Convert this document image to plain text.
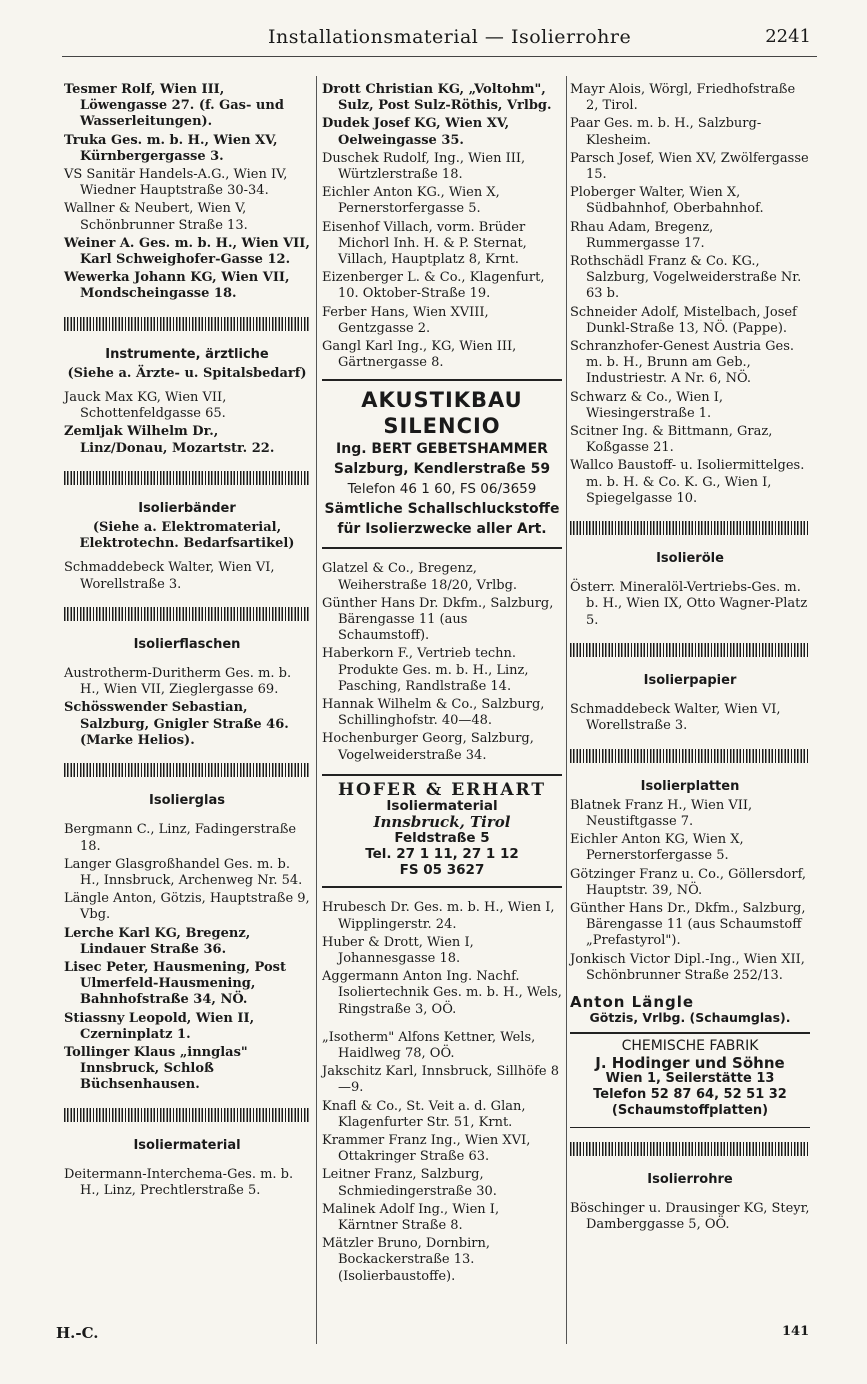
Installationsmaterial — Isolierrohre	2241

Tesmer Rolf, Wien III, Löwengasse 27. (f. Gas- und Wasserleitungen).

Truka Ges. m. b. H., Wien XV, Kürnbergergasse 3.

VS Sanitär Handels-A.G., Wien IV, Wiedner Hauptstraße 30-34.

Wallner & Neubert, Wien V, Schönbrunner Straße 13.

Weiner A. Ges. m. b. H., Wien VII, Karl Schweighofer-Gasse 12.

Wewerka Johann KG, Wien VII, Mondscheingasse 18.

Instrumente, ärztliche

(Siehe a. Ärzte- u. Spitalsbedarf)

Jauck Max KG, Wien VII, Schottenfeldgasse 65.

Zemljak Wilhelm Dr., Linz/Donau, Mozartstr. 22.

Isolierbänder

(Siehe a. Elektromaterial, Elektrotechn. Bedarfsartikel)

Schmaddebeck Walter, Wien VI, Worellstraße 3.

Isolierflaschen

Austrotherm-Duritherm Ges. m. b. H., Wien VII, Zieglergasse 69.

Schösswender Sebastian, Salzburg, Gnigler Straße 46. (Marke Helios).

Isolierglas

Bergmann C., Linz, Fadingerstraße 18.

Langer Glasgroßhandel Ges. m. b. H., Innsbruck, Archenweg Nr. 54.

Längle Anton, Götzis, Hauptstraße 9, Vbg.

Lerche Karl KG, Bregenz, Lindauer Straße 36.

Lisec Peter, Hausmening, Post Ulmerfeld-Hausmening, Bahnhofstraße 34, NÖ.

Stiassny Leopold, Wien II, Czerninplatz 1.

Tollinger Klaus „innglas" Innsbruck, Schloß Büchsenhausen.

Isoliermaterial

Deitermann-Interchema-Ges. m. b. H., Linz, Prechtlerstraße 5.

Drott Christian KG, „Voltohm", Sulz, Post Sulz-Röthis, Vrlbg.

Dudek Josef KG, Wien XV, Oelweingasse 35.

Duschek Rudolf, Ing., Wien III, Würtzlerstraße 18.

Eichler Anton KG., Wien X, Pernerstorfergasse 5.

Eisenhof Villach, vorm. Brüder Michorl Inh. H. & P. Sternat, Villach, Hauptplatz 8, Krnt.

Eizenberger L. & Co., Klagenfurt, 10. Oktober-Straße 19.

Ferber Hans, Wien XVIII, Gentzgasse 2.

Gangl Karl Ing., KG, Wien III, Gärtnergasse 8.

AKUSTIKBAU SILENCIO
Ing. BERT GEBETSHAMMER
Salzburg, Kendlerstraße 59
Telefon 46 1 60, FS 06/3659
Sämtliche Schallschluckstoffe
für Isolierzwecke aller Art.

Glatzel & Co., Bregenz, Weiherstraße 18/20, Vrlbg.

Günther Hans Dr. Dkfm., Salzburg, Bärengasse 11 (aus Schaumstoff).

Haberkorn F., Vertrieb techn. Produkte Ges. m. b. H., Linz, Pasching, Randlstraße 14.

Hannak Wilhelm & Co., Salzburg, Schillinghofstr. 40—48.

Hochenburger Georg, Salzburg, Vogelweiderstraße 34.

HOFER & ERHART
Isoliermaterial
Innsbruck, Tirol
Feldstraße 5
Tel. 27 1 11, 27 1 12
FS 05 3627

Hrubesch Dr. Ges. m. b. H., Wien I, Wipplingerstr. 24.

Huber & Drott, Wien I, Johannesgasse 18.

Aggermann Anton Ing. Nachf. Isoliertechnik Ges. m. b. H., Wels, Ringstraße 3, OÖ.

„Isotherm" Alfons Kettner, Wels, Haidlweg 78, OÖ.

Jakschitz Karl, Innsbruck, Sillhöfe 8—9.

Knafl & Co., St. Veit a. d. Glan, Klagenfurter Str. 51, Krnt.

Krammer Franz Ing., Wien XVI, Ottakringer Straße 63.

Leitner Franz, Salzburg, Schmiedingerstraße 30.

Malinek Adolf Ing., Wien I, Kärntner Straße 8.

Mätzler Bruno, Dornbirn, Bockackerstraße 13. (Isolierbaustoffe).

Mayr Alois, Wörgl, Friedhofstraße 2, Tirol.

Paar Ges. m. b. H., Salzburg-Klesheim.

Parsch Josef, Wien XV, Zwölfergasse 15.

Ploberger Walter, Wien X, Südbahnhof, Oberbahnhof.

Rhau Adam, Bregenz, Rummergasse 17.

Rothschädl Franz & Co. KG., Salzburg, Vogelweiderstraße Nr. 63 b.

Schneider Adolf, Mistelbach, Josef Dunkl-Straße 13, NÖ. (Pappe).

Schranzhofer-Genest Austria Ges. m. b. H., Brunn am Geb., Industriestr. A Nr. 6, NÖ.

Schwarz & Co., Wien I, Wiesingerstraße 1.

Scitner Ing. & Bittmann, Graz, Koßgasse 21.

Wallco Baustoff- u. Isoliermittelges. m. b. H. & Co. K. G., Wien I, Spiegelgasse 10.

Isolieröle

Österr. Mineralöl-Vertriebs-Ges. m. b. H., Wien IX, Otto Wagner-Platz 5.

Isolierpapier

Schmaddebeck Walter, Wien VI, Worellstraße 3.

Isolierplatten

Blatnek Franz H., Wien VII, Neustiftgasse 7.

Eichler Anton KG, Wien X, Pernerstorfergasse 5.

Götzinger Franz u. Co., Göllersdorf, Hauptstr. 39, NÖ.

Günther Hans Dr., Dkfm., Salzburg, Bärengasse 11 (aus Schaumstoff „Prefastyrol").

Jonkisch Victor Dipl.-Ing., Wien XII, Schönbrunner Straße 252/13.

Anton Längle
Götzis, Vrlbg. (Schaumglas).
CHEMISCHE FABRIK
J. Hodinger und Söhne
Wien 1, Seilerstätte 13
Telefon 52 87 64, 52 51 32
(Schaumstoffplatten)

Isolierrohre

Böschinger u. Drausinger KG, Steyr, Damberggasse 5, OÖ.

H.-C.	141
